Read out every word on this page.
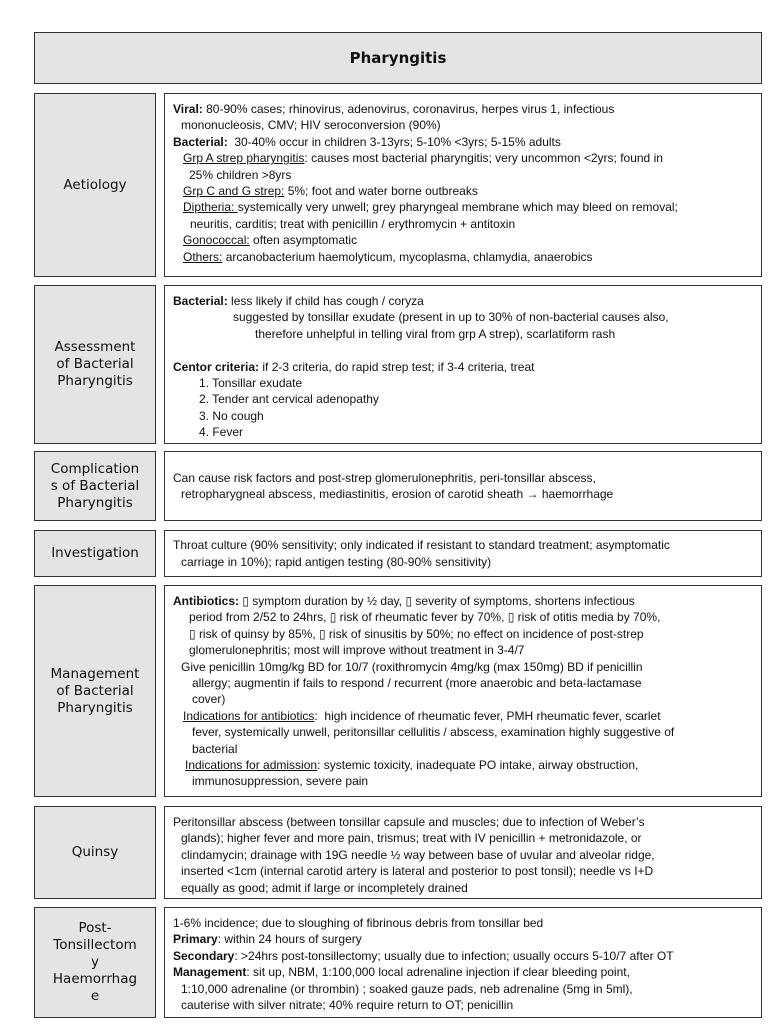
Pharyngitis
Aetiology
Viral: 80-90% cases; rhinovirus, adenovirus, coronavirus, herpes virus 1, infectious
mononucleosis, CMV; HIV seroconversion (90%)
Bacterial:  30-40% occur in children 3-13yrs; 5-10% <3yrs; 5-15% adults
Grp A strep pharyngitis: causes most bacterial pharyngitis; very uncommon <2yrs; found in
25% children >8yrs
Grp C and G strep: 5%; foot and water borne outbreaks
Diptheria: systemically very unwell; grey pharyngeal membrane which may bleed on removal;
neuritis, carditis; treat with penicillin / erythromycin + antitoxin
Gonococcal: often asymptomatic
Others: arcanobacterium haemolyticum, mycoplasma, chlamydia, anaerobics
Assessment
of Bacterial
Pharyngitis
Bacterial: less likely if child has cough / coryza
suggested by tonsillar exudate (present in up to 30% of non-bacterial causes also,
therefore unhelpful in telling viral from grp A strep), scarlatiform rash
Centor criteria: if 2-3 criteria, do rapid strep test; if 3-4 criteria, treat
1. Tonsillar exudate
2. Tender ant cervical adenopathy
3. No cough
4. Fever
Complication
s of Bacterial
Pharyngitis
Can cause risk factors and post-strep glomerulonephritis, peri-tonsillar abscess,
retropharygneal abscess, mediastinitis, erosion of carotid sheath → haemorrhage
Investigation	Throat culture (90% sensitivity; only indicated if resistant to standard treatment; asymptomatic
carriage in 10%); rapid antigen testing (80-90% sensitivity)
Management
of Bacterial
Pharyngitis
Antibiotics: ▯ symptom duration by ½ day, ▯ severity of symptoms, shortens infectious
period from 2/52 to 24hrs, ▯ risk of rheumatic fever by 70%, ▯ risk of otitis media by 70%,
▯ risk of quinsy by 85%, ▯ risk of sinusitis by 50%; no effect on incidence of post-strep
glomerulonephritis; most will improve without treatment in 3-4/7
Give penicillin 10mg/kg BD for 10/7 (roxithromycin 4mg/kg (max 150mg) BD if penicillin
allergy; augmentin if fails to respond / recurrent (more anaerobic and beta-lactamase
cover)
Indications for antibiotics:  high incidence of rheumatic fever, PMH rheumatic fever, scarlet
fever, systemically unwell, peritonsillar cellulitis / abscess, examination highly suggestive of
bacterial
Indications for admission: systemic toxicity, inadequate PO intake, airway obstruction,
immunosuppression, severe pain
Quinsy
Peritonsillar abscess (between tonsillar capsule and muscles; due to infection of Weber’s
glands); higher fever and more pain, trismus; treat with IV penicillin + metronidazole, or
clindamycin; drainage with 19G needle ½ way between base of uvular and alveolar ridge,
inserted <1cm (internal carotid artery is lateral and posterior to post tonsil); needle vs I+D
equally as good; admit if large or incompletely drained
Post-
Tonsillectom
y
Haemorrhag
e
1-6% incidence; due to sloughing of fibrinous debris from tonsillar bed
Primary: within 24 hours of surgery
Secondary: >24hrs post-tonsillectomy; usually due to infection; usually occurs 5-10/7 after OT
Management: sit up, NBM, 1:100,000 local adrenaline injection if clear bleeding point,
1:10,000 adrenaline (or thrombin) ; soaked gauze pads, neb adrenaline (5mg in 5ml),
cauterise with silver nitrate; 40% require return to OT; penicillin
